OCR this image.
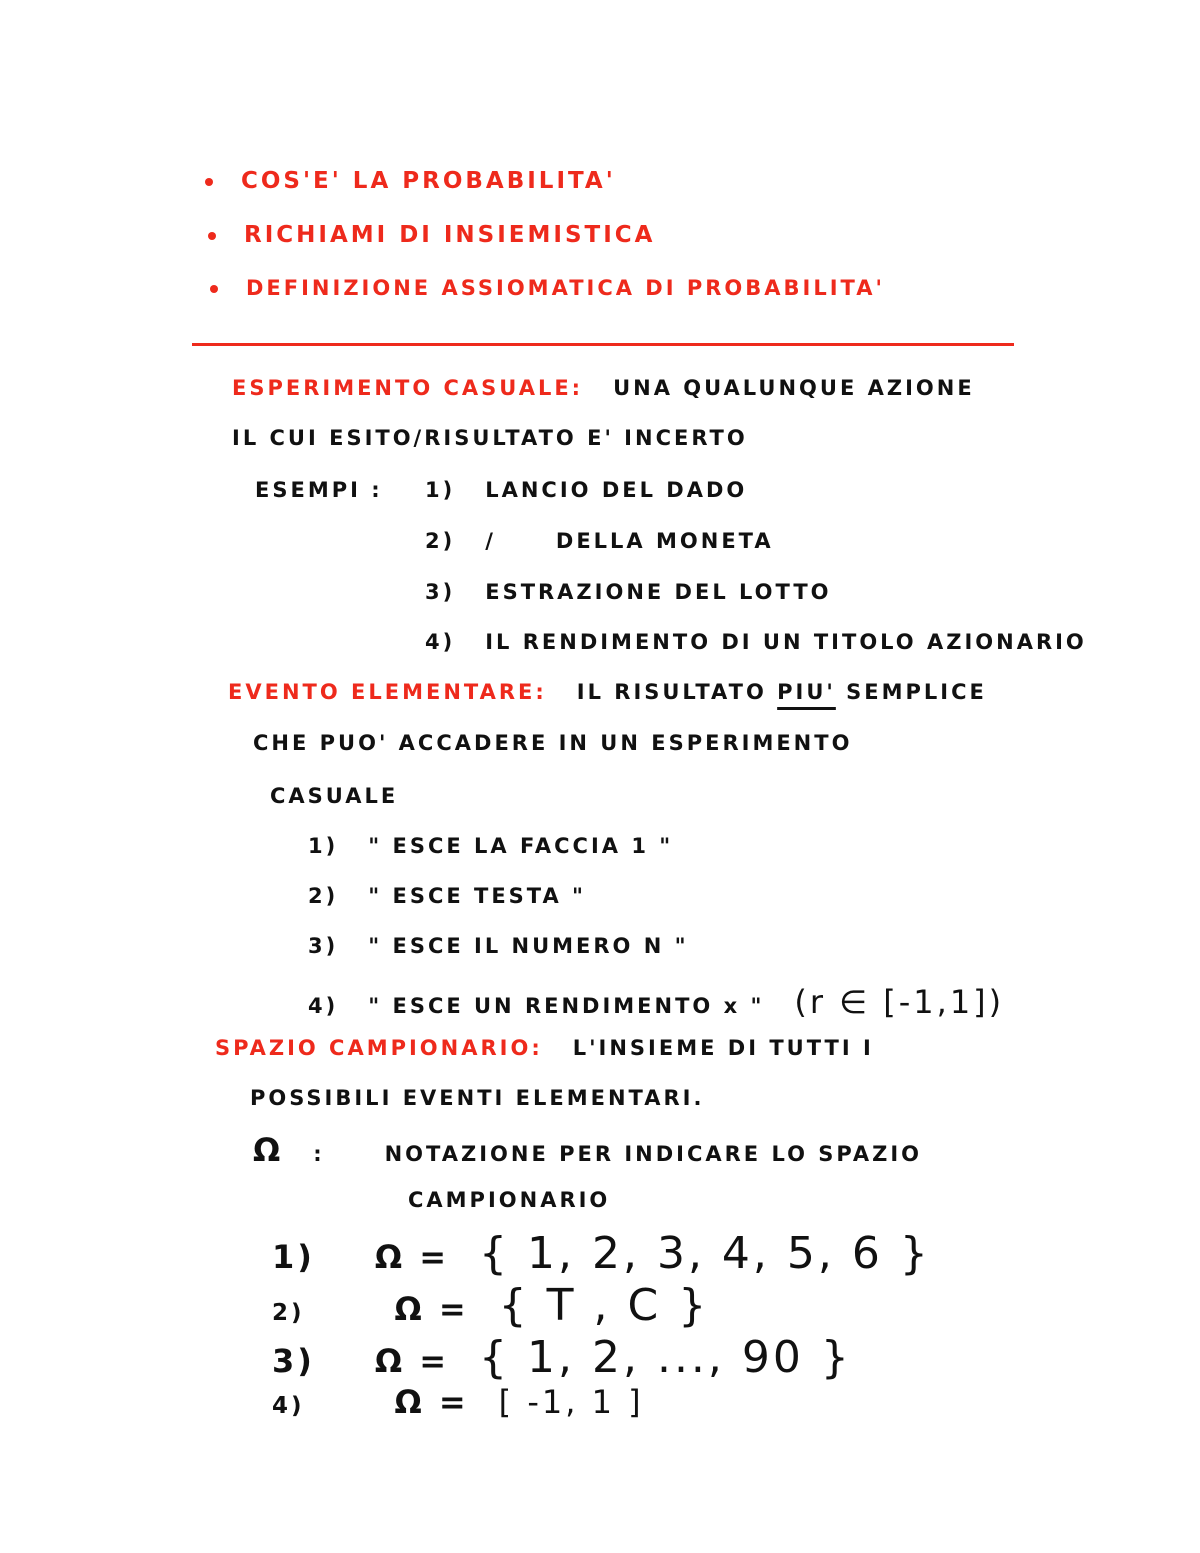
COS'E' LA PROBABILITA'
RICHIAMI DI INSIEMISTICA
DEFINIZIONE ASSIOMATICA DI PROBABILITA'
ESPERIMENTO CASUALE: UNA QUALUNQUE AZIONE
IL CUI ESITO/RISULTATO E' INCERTO
ESEMPI : 1) LANCIO DEL DADO
2) /	DELLA MONETA
3) ESTRAZIONE DEL LOTTO
4) IL RENDIMENTO DI UN TITOLO AZIONARIO
EVENTO ELEMENTARE: IL RISULTATO PIU' SEMPLICE
CHE PUO' ACCADERE IN UN ESPERIMENTO
CASUALE
1) " ESCE LA FACCIA 1 "
2) " ESCE TESTA "
3) " ESCE IL NUMERO N "
4) " ESCE UN RENDIMENTO x " (r ∈ [-1,1])
SPAZIO CAMPIONARIO: L'INSIEME DI TUTTI I
POSSIBILI EVENTI ELEMENTARI.
Ω :	NOTAZIONE PER INDICARE LO SPAZIO
CAMPIONARIO
1) Ω = { 1, 2, 3, 4, 5, 6 }
2)	Ω = { T , C }
3) Ω = { 1, 2, ..., 90 }
4)	Ω = [ -1, 1 ]
